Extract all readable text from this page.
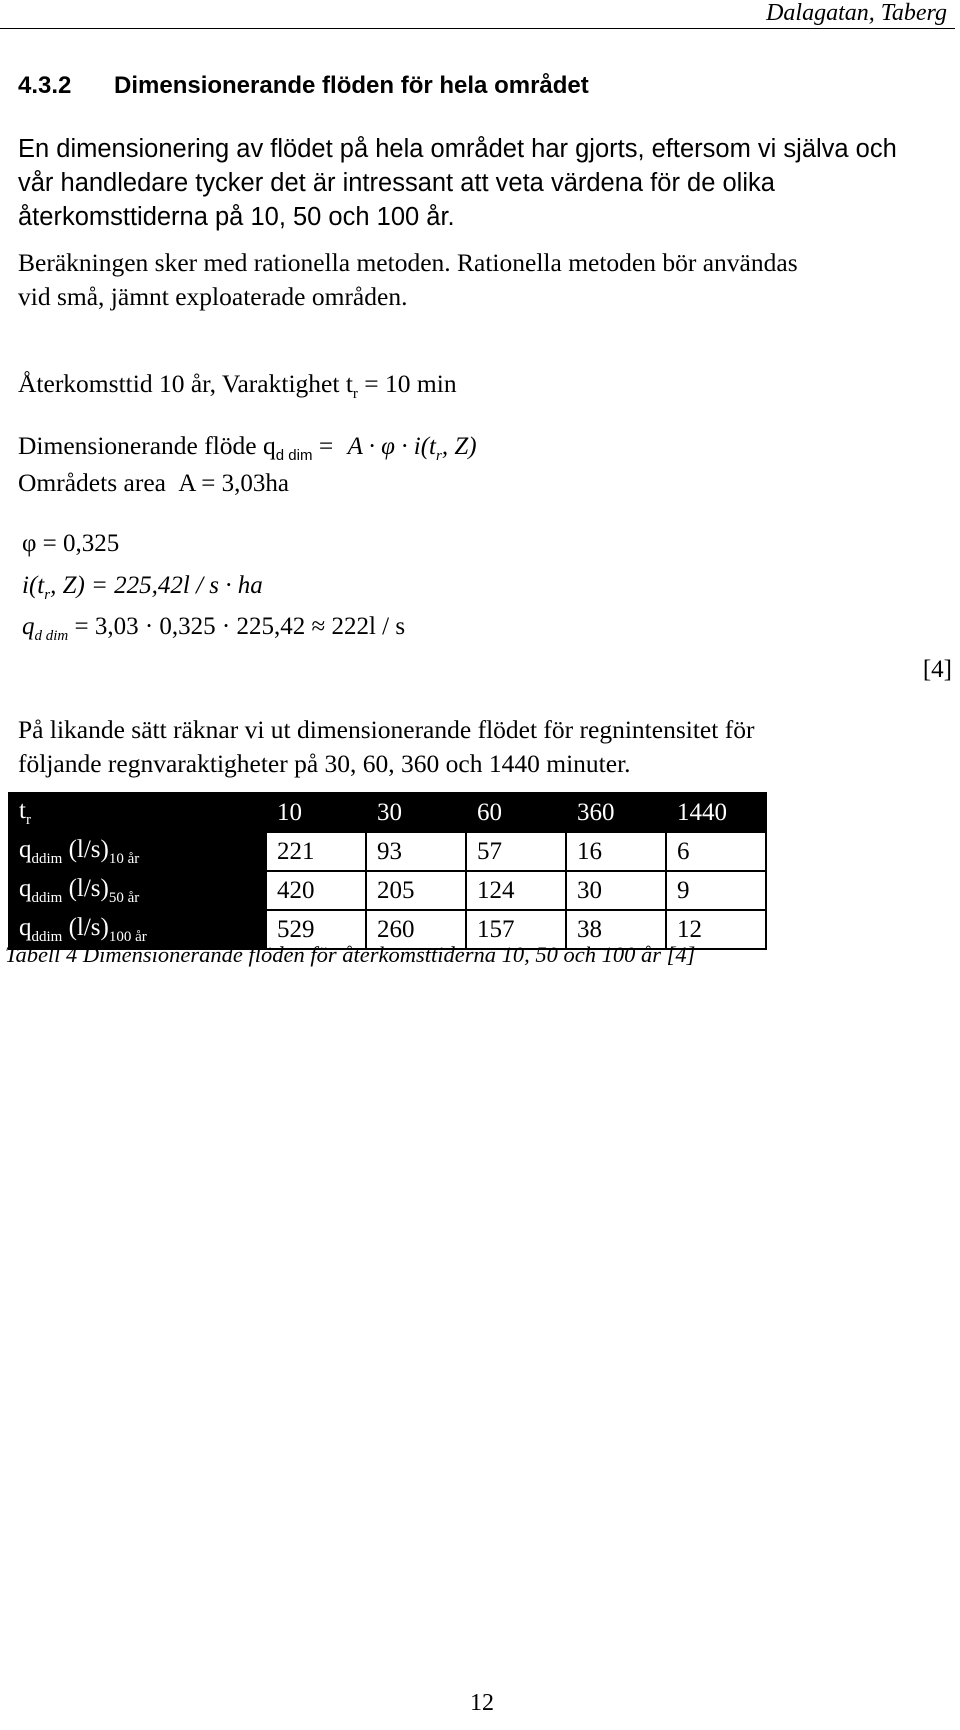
Dalagatan, Taberg
4.3.2 Dimensionerande flöden för hela området
En dimensionering av flödet på hela området har gjorts, eftersom vi själva och
vår handledare tycker det är intressant att veta värdena för de olika
återkomsttiderna på 10, 50 och 100 år.
Beräkningen sker med rationella metoden. Rationella metoden bör användas
vid små, jämnt exploaterade områden.
Återkomsttid 10 år, Varaktighet $t_r = 10$ min
Dimensionerande flöde $q_{d dim} = A \cdot \varphi \cdot i(t_r$, Z)
Områdets area A = 3,03ha
φ = 0,325
$i(t_r$, Z) = 225,42l / s · ha
$q_{d dim} = 3,03 \cdot 0,325 \cdot 225,42 \approx 222l / s$
[4]
På likande sätt räknar vi ut dimensionerande flödet för regnintensitet för
följande regnvaraktigheter på 30, 60, 360 och 1440 minuter.
$t_r$	10	30	60	360	1440
$q_{ddim}$ $(l/s)_{10 år}$	221	93	57	16	6
$q_{ddim}$ $(l/s)_{50 år}$	420	205	124	30	9
$q_{ddim}$ $(l/s)_{100 år}$	529	260	157	38	12
Tabell 4 Dimensionerande flöden för återkomsttiderna 10, 50 och 100 år [4]
12
